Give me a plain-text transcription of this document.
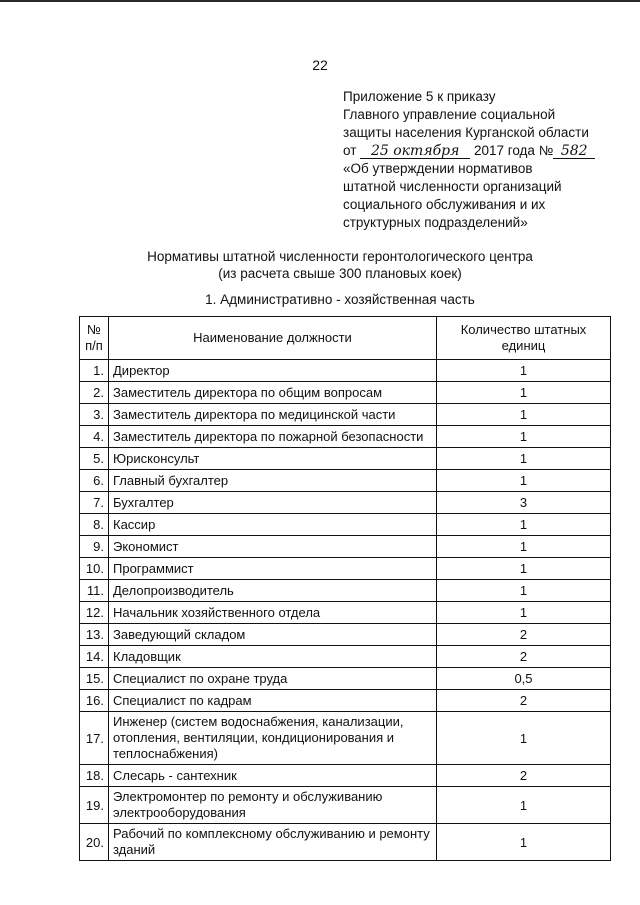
22
Приложение 5 к приказу
Главного управление социальной
защиты населения Курганской области
от 25 октября 2017 года № 582
«Об утверждении нормативов
штатной численности организаций
социального обслуживания и их
структурных подразделений»
Нормативы штатной численности геронтологического центра
(из расчета свыше 300 плановых коек)
1. Административно - хозяйственная часть
№ п/п	Наименование должности	Количество штатных единиц
1.	Директор	1
2.	Заместитель директора по общим вопросам	1
3.	Заместитель директора по медицинской части	1
4.	Заместитель директора по пожарной безопасности	1
5.	Юрисконсульт	1
6.	Главный бухгалтер	1
7.	Бухгалтер	3
8.	Кассир	1
9.	Экономист	1
10.	Программист	1
11.	Делопроизводитель	1
12.	Начальник хозяйственного отдела	1
13.	Заведующий складом	2
14.	Кладовщик	2
15.	Специалист по охране труда	0,5
16.	Специалист по кадрам	2
17.	Инженер (систем водоснабжения, канализации, отопления, вентиляции, кондиционирования и теплоснабжения)	1
18.	Слесарь - сантехник	2
19.	Электромонтер по ремонту и обслуживанию электрооборудования	1
20.	Рабочий по комплексному обслуживанию и ремонту зданий	1
